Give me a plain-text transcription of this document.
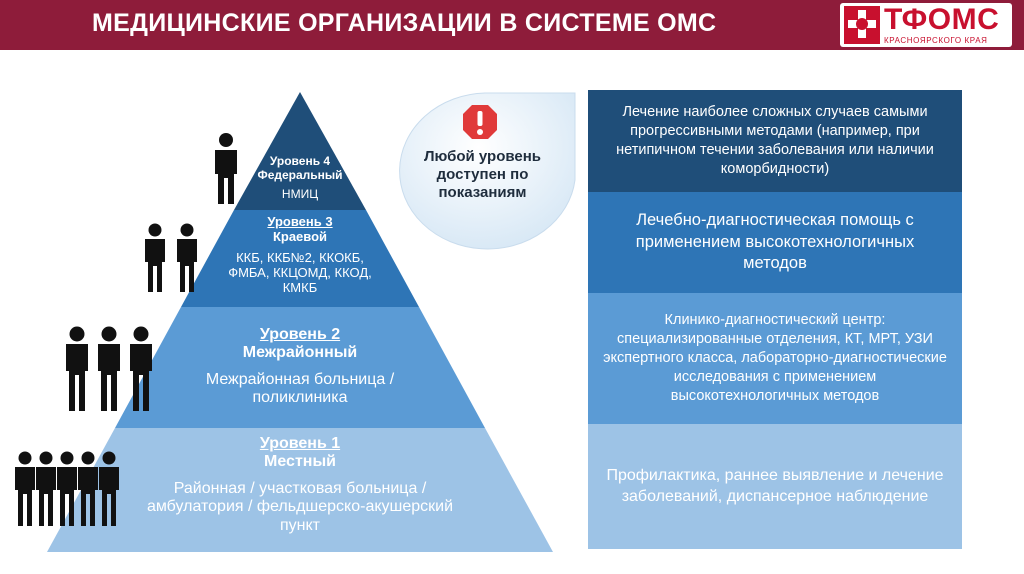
МЕДИЦИНСКИЕ ОРГАНИЗАЦИИ В СИСТЕМЕ ОМС	ТФОМС
КРАСНОЯРСКОГО КРАЯ
Уровень 4
Федеральный
НМИЦ
Уровень 3
Краевой
ККБ, ККБ№2, ККОКБ, ФМБА, ККЦОМД, ККОД, КМКБ
Уровень 2
Межрайонный
Межрайонная больница / поликлиника
Уровень 1
Местный
Районная / участковая больница / амбулатория / фельдшерско-акушерский пункт
Любой уровень доступен по показаниям
Лечение наиболее сложных случаев самыми прогрессивными методами (например, при нетипичном течении заболевания или наличии коморбидности)
Лечебно-диагностическая помощь с применением высокотехнологичных методов
Клинико-диагностический центр: специализированные отделения, КТ, МРТ, УЗИ экспертного класса, лабораторно-диагностические исследования с применением высокотехнологичных методов
Профилактика, раннее выявление и лечение заболеваний, диспансерное наблюдение
